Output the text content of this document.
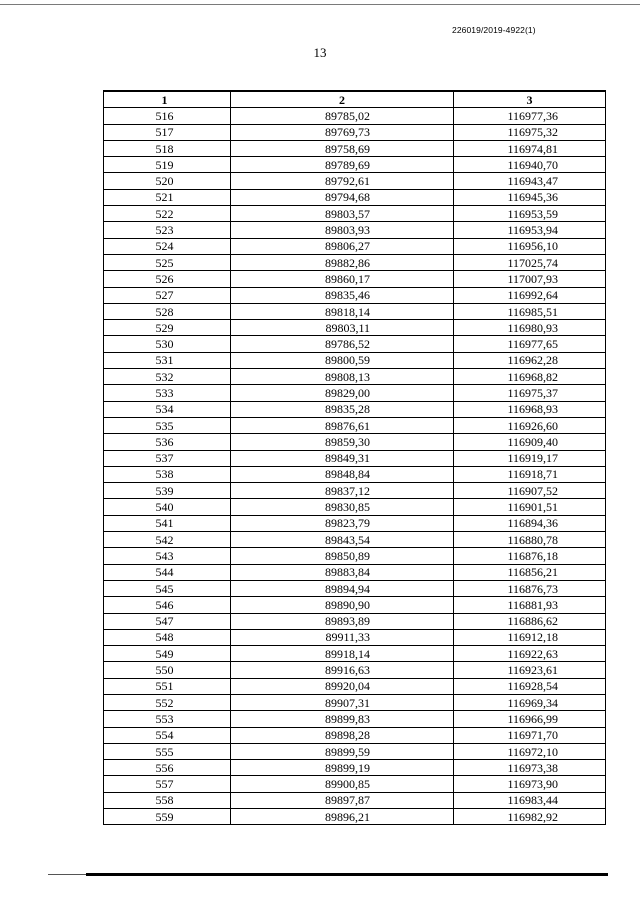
226019/2019-4922(1)
13
1	2	3
516	89785,02	116977,36
517	89769,73	116975,32
518	89758,69	116974,81
519	89789,69	116940,70
520	89792,61	116943,47
521	89794,68	116945,36
522	89803,57	116953,59
523	89803,93	116953,94
524	89806,27	116956,10
525	89882,86	117025,74
526	89860,17	117007,93
527	89835,46	116992,64
528	89818,14	116985,51
529	89803,11	116980,93
530	89786,52	116977,65
531	89800,59	116962,28
532	89808,13	116968,82
533	89829,00	116975,37
534	89835,28	116968,93
535	89876,61	116926,60
536	89859,30	116909,40
537	89849,31	116919,17
538	89848,84	116918,71
539	89837,12	116907,52
540	89830,85	116901,51
541	89823,79	116894,36
542	89843,54	116880,78
543	89850,89	116876,18
544	89883,84	116856,21
545	89894,94	116876,73
546	89890,90	116881,93
547	89893,89	116886,62
548	89911,33	116912,18
549	89918,14	116922,63
550	89916,63	116923,61
551	89920,04	116928,54
552	89907,31	116969,34
553	89899,83	116966,99
554	89898,28	116971,70
555	89899,59	116972,10
556	89899,19	116973,38
557	89900,85	116973,90
558	89897,87	116983,44
559	89896,21	116982,92
